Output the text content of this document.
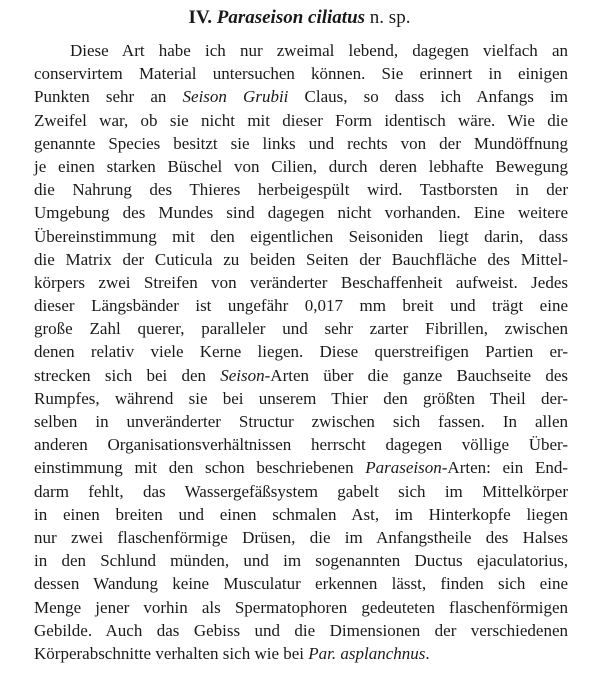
IV. Paraseison ciliatus n. sp.
Diese Art habe ich nur zweimal lebend, dagegen vielfach an
conservirtem Material untersuchen können. Sie erinnert in einigen
Punkten sehr an Seison Grubii Claus, so dass ich Anfangs im
Zweifel war, ob sie nicht mit dieser Form identisch wäre. Wie die
genannte Species besitzt sie links und rechts von der Mundöffnung
je einen starken Büschel von Cilien, durch deren lebhafte Bewegung
die Nahrung des Thieres herbeigespült wird. Tastborsten in der
Umgebung des Mundes sind dagegen nicht vorhanden. Eine weitere
Übereinstimmung mit den eigentlichen Seisoniden liegt darin, dass
die Matrix der Cuticula zu beiden Seiten der Bauchfläche des Mittel-
körpers zwei Streifen von veränderter Beschaffenheit aufweist. Jedes
dieser Längsbänder ist ungefähr 0,017 mm breit und trägt eine
große Zahl querer, paralleler und sehr zarter Fibrillen, zwischen
denen relativ viele Kerne liegen. Diese querstreifigen Partien er-
strecken sich bei den Seison-Arten über die ganze Bauchseite des
Rumpfes, während sie bei unserem Thier den größten Theil der-
selben in unveränderter Structur zwischen sich fassen. In allen
anderen Organisationsverhältnissen herrscht dagegen völlige Über-
einstimmung mit den schon beschriebenen Paraseison-Arten: ein End-
darm fehlt, das Wassergefäßsystem gabelt sich im Mittelkörper
in einen breiten und einen schmalen Ast, im Hinterkopfe liegen
nur zwei flaschenförmige Drüsen, die im Anfangstheile des Halses
in den Schlund münden, und im sogenannten Ductus ejaculatorius,
dessen Wandung keine Musculatur erkennen lässt, finden sich eine
Menge jener vorhin als Spermatophoren gedeuteten flaschenförmigen
Gebilde. Auch das Gebiss und die Dimensionen der verschiedenen
Körperabschnitte verhalten sich wie bei Par. asplanchnus.
